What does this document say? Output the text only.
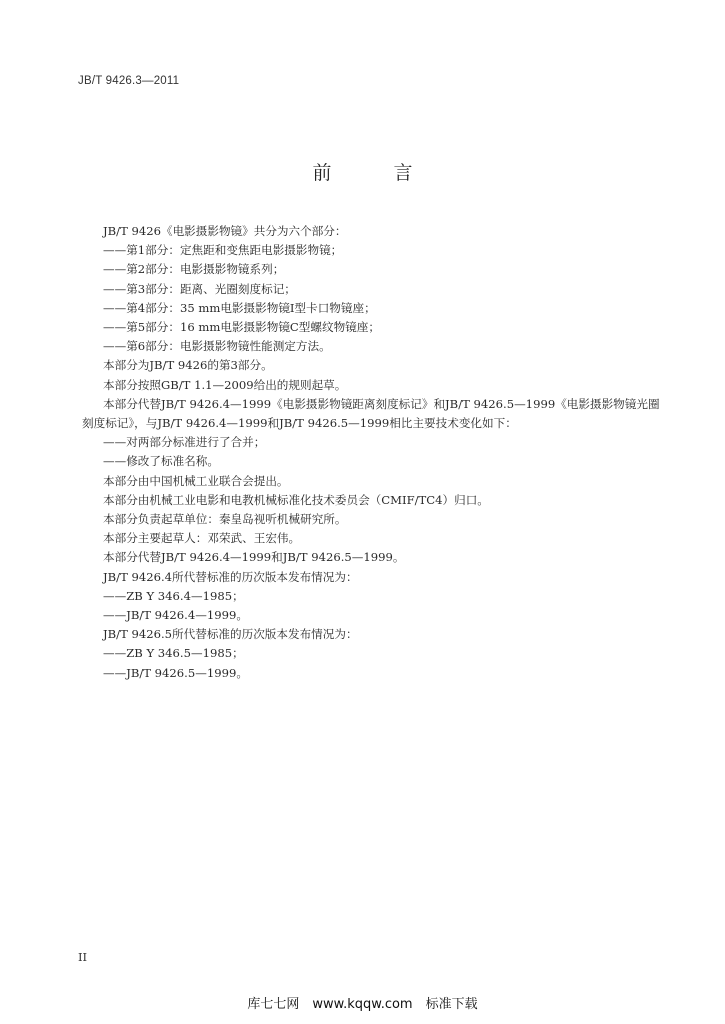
JB/T 9426.3—2011
前 言

JB/T 9426《电影摄影物镜》共分为六个部分：

——第1部分：定焦距和变焦距电影摄影物镜；

——第2部分：电影摄影物镜系列；

——第3部分：距离、光圈刻度标记；

——第4部分：35 mm电影摄影物镜Ⅰ型卡口物镜座；

——第5部分：16 mm电影摄影物镜C型螺纹物镜座；

——第6部分：电影摄影物镜性能测定方法。

本部分为JB/T 9426的第3部分。

本部分按照GB/T 1.1—2009给出的规则起草。

本部分代替JB/T 9426.4—1999《电影摄影物镜距离刻度标记》和JB/T 9426.5—1999《电影摄影物镜光圈刻度标记》，与JB/T 9426.4—1999和JB/T 9426.5—1999相比主要技术变化如下：

——对两部分标准进行了合并；

——修改了标准名称。

本部分由中国机械工业联合会提出。

本部分由机械工业电影和电教机械标准化技术委员会（CMIF/TC4）归口。

本部分负责起草单位：秦皇岛视听机械研究所。

本部分主要起草人：邓荣武、王宏伟。

本部分代替JB/T 9426.4—1999和JB/T 9426.5—1999。

JB/T 9426.4所代替标准的历次版本发布情况为：

——ZB Y 346.4—1985；

——JB/T 9426.4—1999。

JB/T 9426.5所代替标准的历次版本发布情况为：

——ZB Y 346.5—1985；

——JB/T 9426.5—1999。

II
库七七网　www.kqqw.com　标准下载
